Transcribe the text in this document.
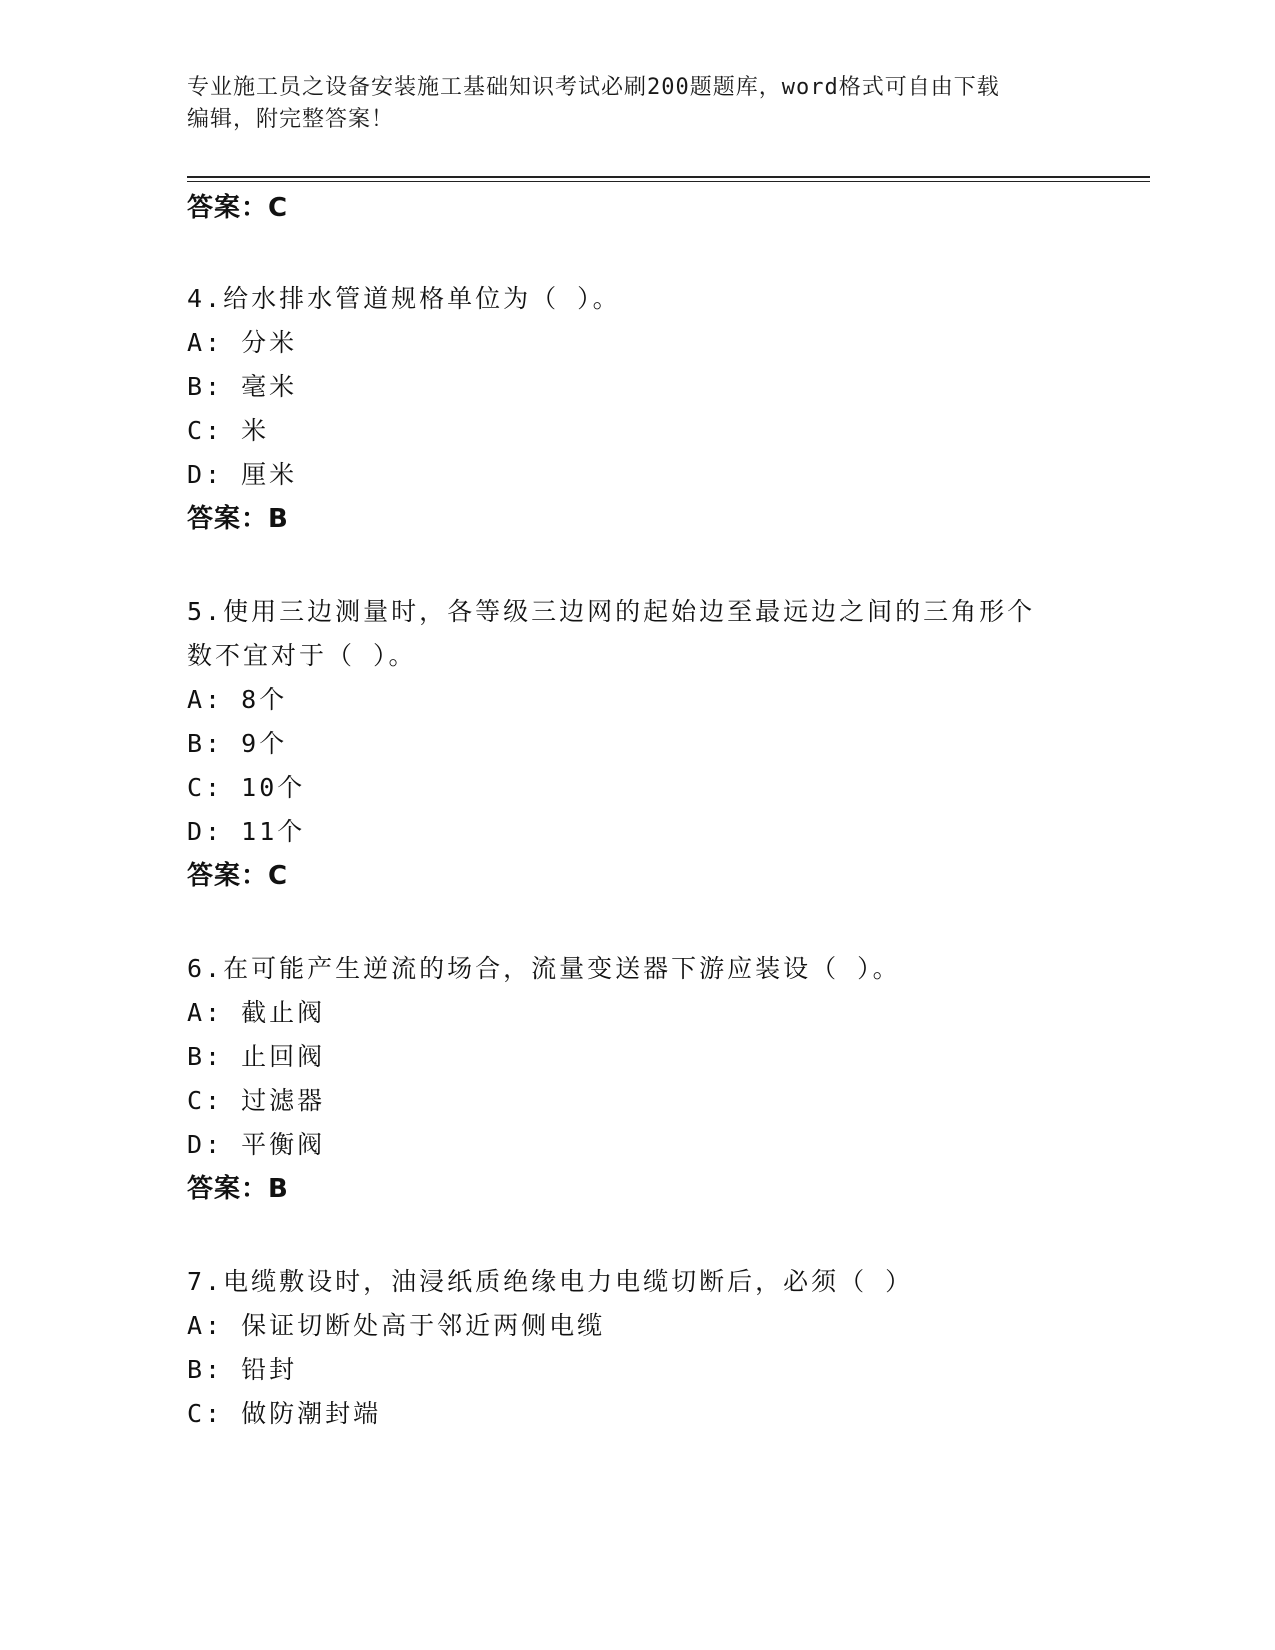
专业施工员之设备安装施工基础知识考试必刷200题题库，word格式可自由下载
编辑，附完整答案！
答案：C
4.给水排水管道规格单位为（ ）。
A: 分米
B: 毫米
C: 米
D: 厘米
答案：B
5.使用三边测量时，各等级三边网的起始边至最远边之间的三角形个
数不宜对于（ ）。
A: 8个
B: 9个
C: 10个
D: 11个
答案：C
6.在可能产生逆流的场合，流量变送器下游应装设（ ）。
A: 截止阀
B: 止回阀
C: 过滤器
D: 平衡阀
答案：B
7.电缆敷设时，油浸纸质绝缘电力电缆切断后，必须（ ）
A: 保证切断处高于邻近两侧电缆
B: 铅封
C: 做防潮封端
